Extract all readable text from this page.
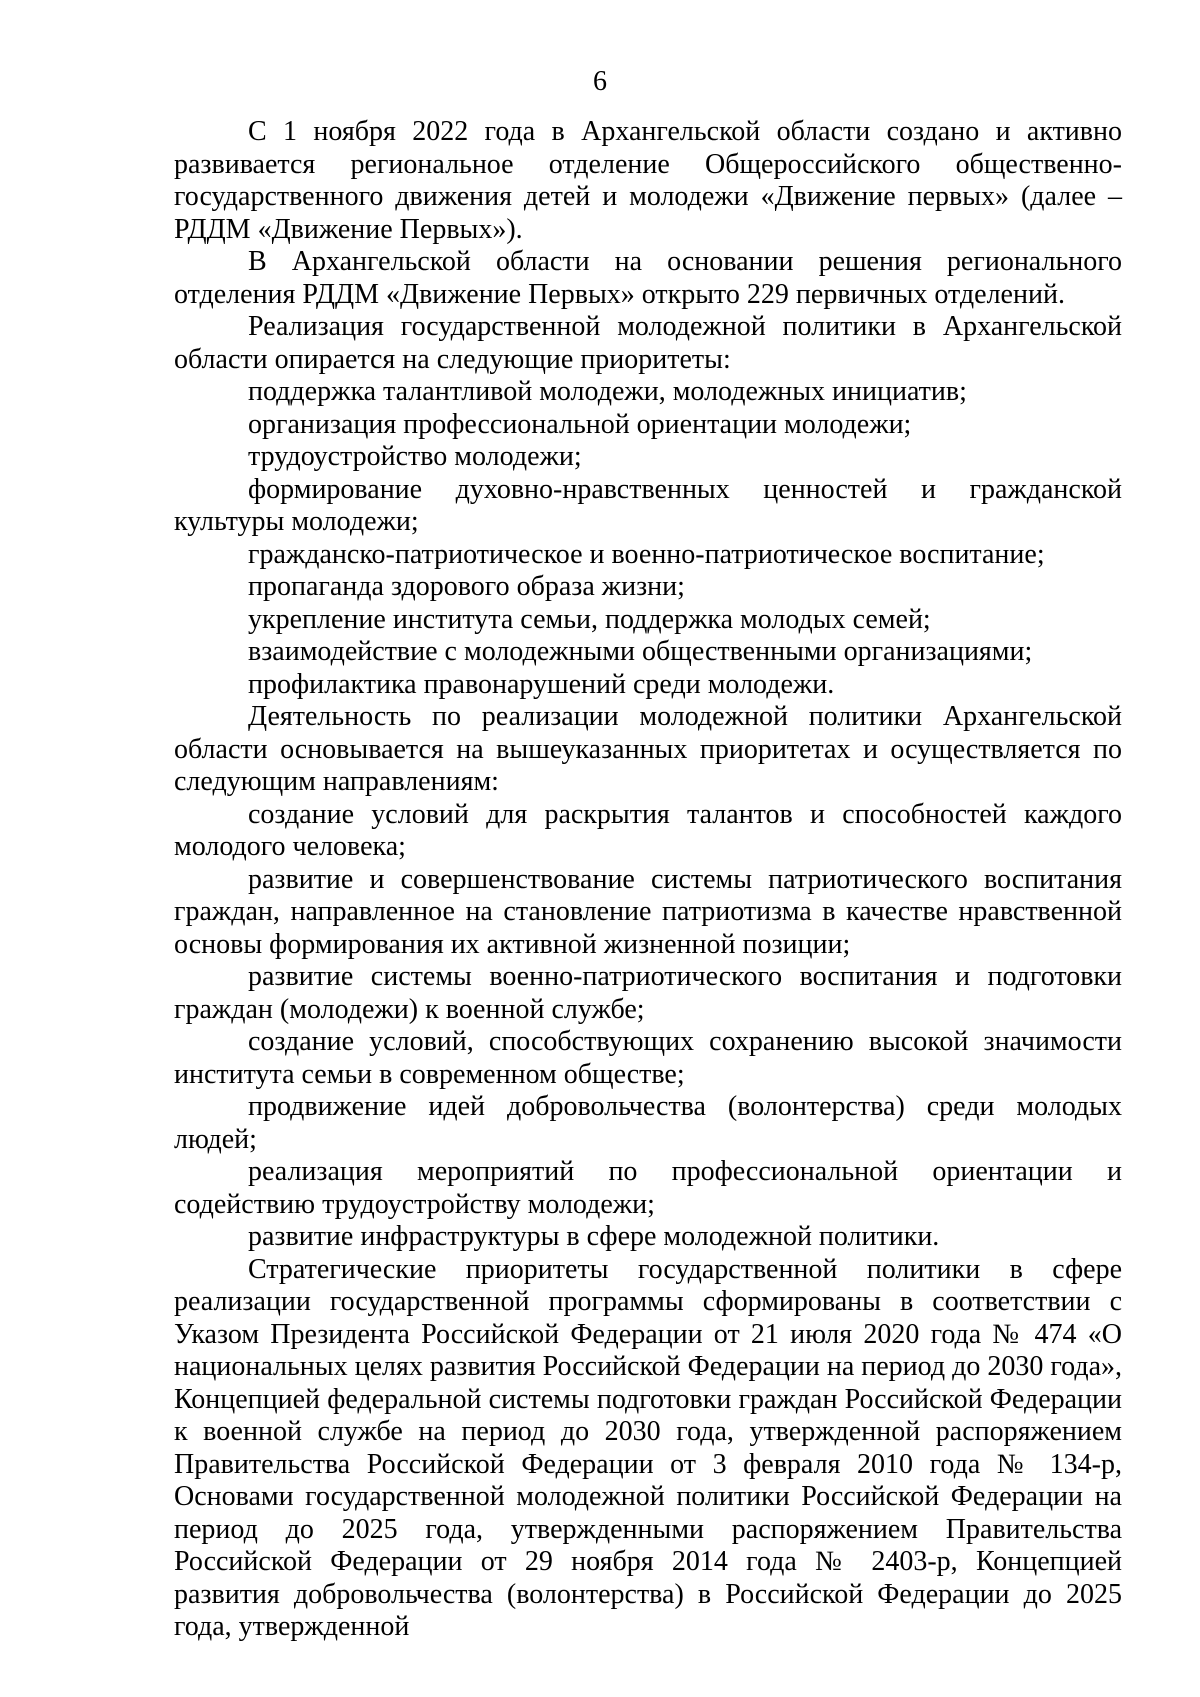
6

С 1 ноября 2022 года в Архангельской области создано и активно развивается региональное отделение Общероссийского общественно-государственного движения детей и молодежи «Движение первых» (далее – РДДМ «Движение Первых»).

В Архангельской области на основании решения регионального отделения РДДМ «Движение Первых» открыто 229 первичных отделений.

Реализация государственной молодежной политики в Архангельской области опирается на следующие приоритеты:

поддержка талантливой молодежи, молодежных инициатив;

организация профессиональной ориентации молодежи;

трудоустройство молодежи;

формирование духовно-нравственных ценностей и гражданской культуры молодежи;

гражданско-патриотическое и военно-патриотическое воспитание;

пропаганда здорового образа жизни;

укрепление института семьи, поддержка молодых семей;

взаимодействие с молодежными общественными организациями;

профилактика правонарушений среди молодежи.

Деятельность по реализации молодежной политики Архангельской области основывается на вышеуказанных приоритетах и осуществляется по следующим направлениям:

создание условий для раскрытия талантов и способностей каждого молодого человека;

развитие и совершенствование системы патриотического воспитания граждан, направленное на становление патриотизма в качестве нравственной основы формирования их активной жизненной позиции;

развитие системы военно-патриотического воспитания и подготовки граждан (молодежи) к военной службе;

создание условий, способствующих сохранению высокой значимости института семьи в современном обществе;

продвижение идей добровольчества (волонтерства) среди молодых людей;

реализация мероприятий по профессиональной ориентации и содействию трудоустройству молодежи;

развитие инфраструктуры в сфере молодежной политики.

Стратегические приоритеты государственной политики в сфере реализации государственной программы сформированы в соответствии с Указом Президента Российской Федерации от 21 июля 2020 года № 474 «О национальных целях развития Российской Федерации на период до 2030 года», Концепцией федеральной системы подготовки граждан Российской Федерации к военной службе на период до 2030 года, утвержденной распоряжением Правительства Российской Федерации от 3 февраля 2010 года № 134-р, Основами государственной молодежной политики Российской Федерации на период до 2025 года, утвержденными распоряжением Правительства Российской Федерации от 29 ноября 2014 года № 2403-р, Концепцией развития добровольчества (волонтерства) в Российской Федерации до 2025 года, утвержденной
